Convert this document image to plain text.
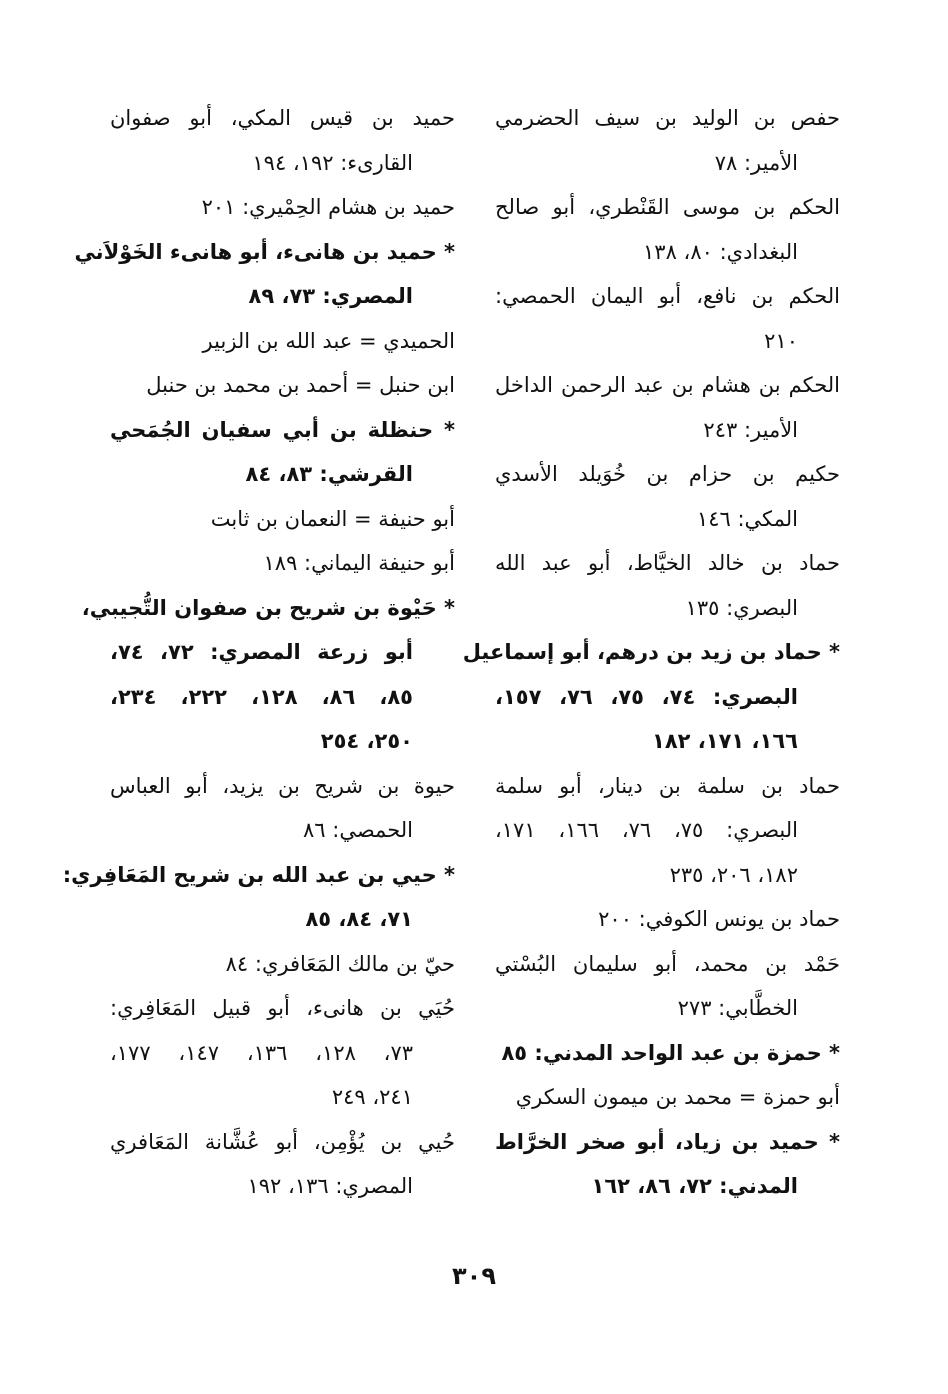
حفص بن الوليد بن سيف الحضرمي
الأمير: ٧٨
الحكم بن موسى القَنْطري، أبو صالح
البغدادي: ٨٠، ١٣٨
الحكم بن نافع، أبو اليمان الحمصي:
٢١٠
الحكم بن هشام بن عبد الرحمن الداخل
الأمير: ٢٤٣
حكيم بن حزام بن خُوَيلد الأسدي
المكي: ١٤٦
حماد بن خالد الخيَّاط، أبو عبد الله
البصري: ١٣٥
* حماد بن زيد بن درهم، أبو إسماعيل
البصري: ٧٤، ٧٥، ٧٦، ١٥٧،
١٦٦، ١٧١، ١٨٢
حماد بن سلمة بن دينار، أبو سلمة
البصري: ٧٥، ٧٦، ١٦٦، ١٧١،
١٨٢، ٢٠٦، ٢٣٥
حماد بن يونس الكوفي: ٢٠٠
حَمْد بن محمد، أبو سليمان البُسْتي
الخطَّابي: ٢٧٣
* حمزة بن عبد الواحد المدني: ٨٥
أبو حمزة = محمد بن ميمون السكري
* حميد بن زياد، أبو صخر الخرَّاط
المدني: ٧٢، ٨٦، ١٦٢
حميد بن قيس المكي، أبو صفوان
القارىء: ١٩٢، ١٩٤
حميد بن هشام الحِمْيري: ٢٠١
* حميد بن هانىء، أبو هانىء الخَوْلاَني
المصري: ٧٣، ٨٩
الحميدي = عبد الله بن الزبير
ابن حنبل = أحمد بن محمد بن حنبل
* حنظلة بن أبي سفيان الجُمَحي
القرشي: ٨٣، ٨٤
أبو حنيفة = النعمان بن ثابت
أبو حنيفة اليماني: ١٨٩
* حَيْوة بن شريح بن صفوان التُّجيبي،
أبو زرعة المصري: ٧٢، ٧٤،
٨٥، ٨٦، ١٢٨، ٢٢٢، ٢٣٤،
٢٥٠، ٢٥٤
حيوة بن شريح بن يزيد، أبو العباس
الحمصي: ٨٦
* حيي بن عبد الله بن شريح المَعَافِري:
٧١، ٨٤، ٨٥
حيّ بن مالك المَعَافري: ٨٤
حُيَي بن هانىء، أبو قبيل المَعَافِري:
٧٣، ١٢٨، ١٣٦، ١٤٧، ١٧٧،
٢٤١، ٢٤٩
حُيي بن يُؤْمِن، أبو عُشَّانة المَعَافري
المصري: ١٣٦، ١٩٢
٣٠٩
